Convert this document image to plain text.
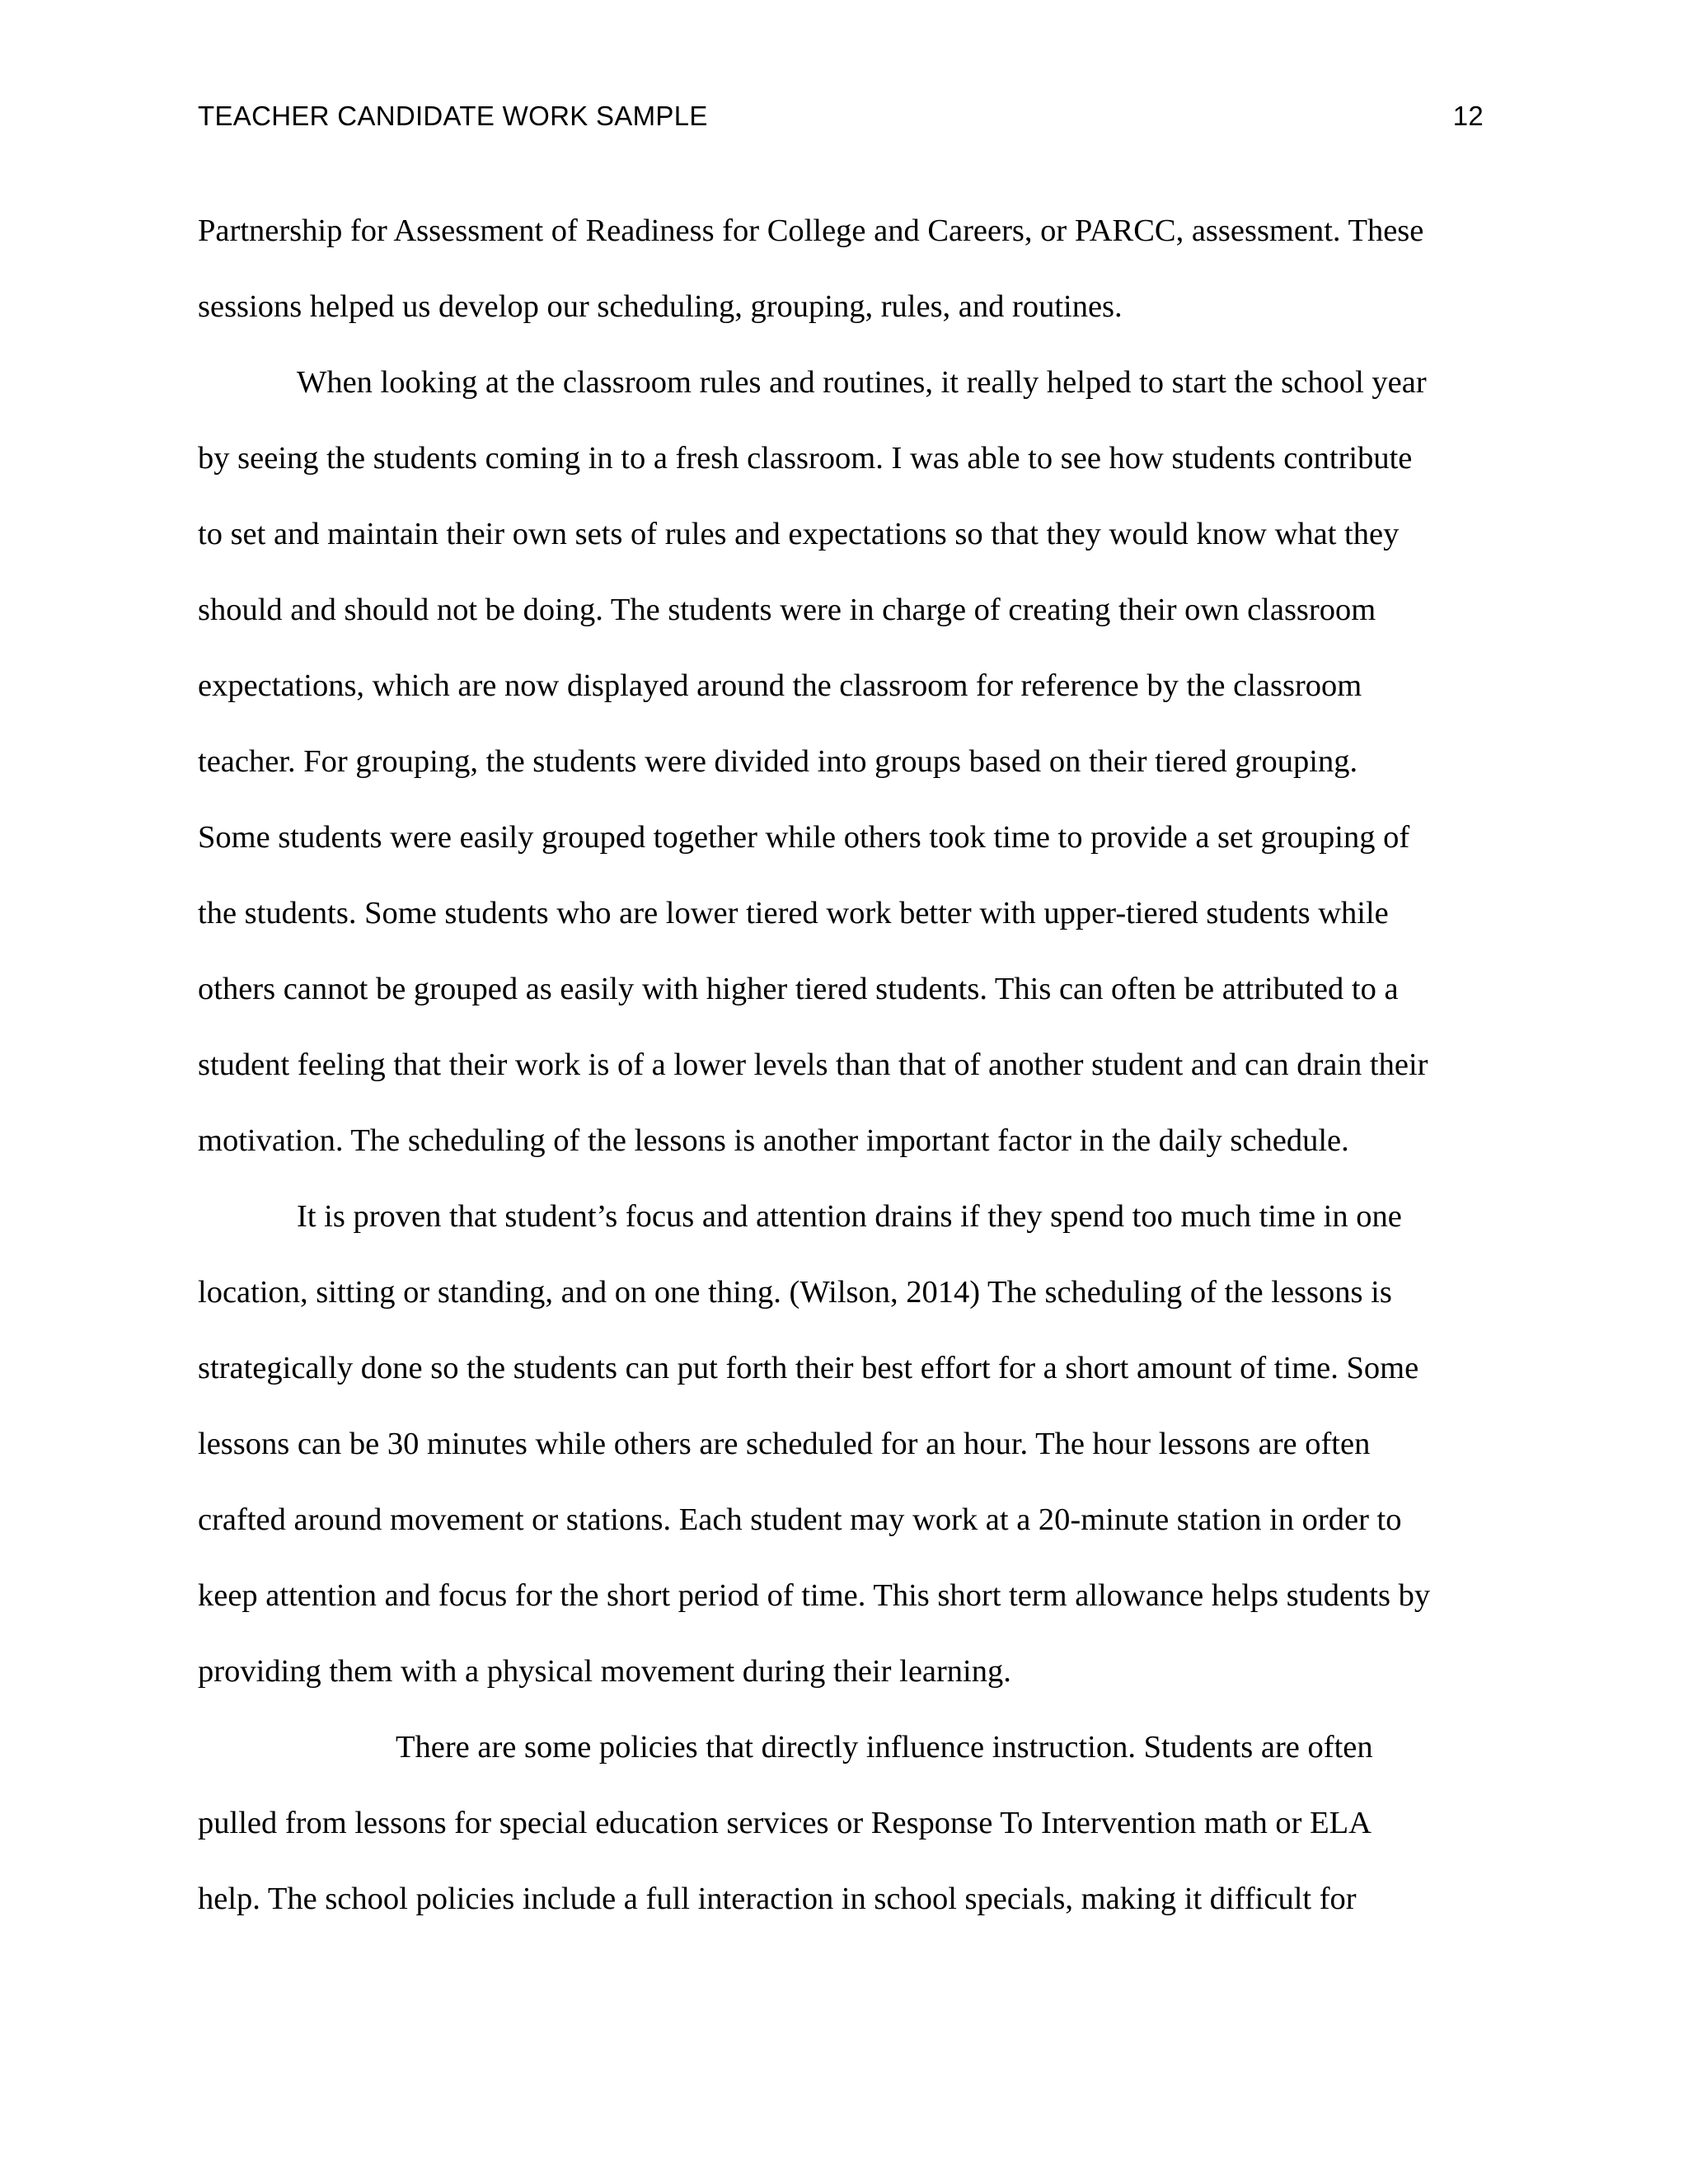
TEACHER CANDIDATE WORK SAMPLE	12
Partnership for Assessment of Readiness for College and Careers, or PARCC, assessment. These
sessions helped us develop our scheduling, grouping, rules, and routines.
When looking at the classroom rules and routines, it really helped to start the school year
by seeing the students coming in to a fresh classroom. I was able to see how students contribute
to set and maintain their own sets of rules and expectations so that they would know what they
should and should not be doing. The students were in charge of creating their own classroom
expectations, which are now displayed around the classroom for reference by the classroom
teacher. For grouping, the students were divided into groups based on their tiered grouping.
Some students were easily grouped together while others took time to provide a set grouping of
the students. Some students who are lower tiered work better with upper-tiered students while
others cannot be grouped as easily with higher tiered students. This can often be attributed to a
student feeling that their work is of a lower levels than that of another student and can drain their
motivation. The scheduling of the lessons is another important factor in the daily schedule.
It is proven that student’s focus and attention drains if they spend too much time in one
location, sitting or standing, and on one thing. (Wilson, 2014) The scheduling of the lessons is
strategically done so the students can put forth their best effort for a short amount of time. Some
lessons can be 30 minutes while others are scheduled for an hour. The hour lessons are often
crafted around movement or stations. Each student may work at a 20-minute station in order to
keep attention and focus for the short period of time. This short term allowance helps students by
providing them with a physical movement during their learning.
There are some policies that directly influence instruction. Students are often
pulled from lessons for special education services or Response To Intervention math or ELA
help. The school policies include a full interaction in school specials, making it difficult for
